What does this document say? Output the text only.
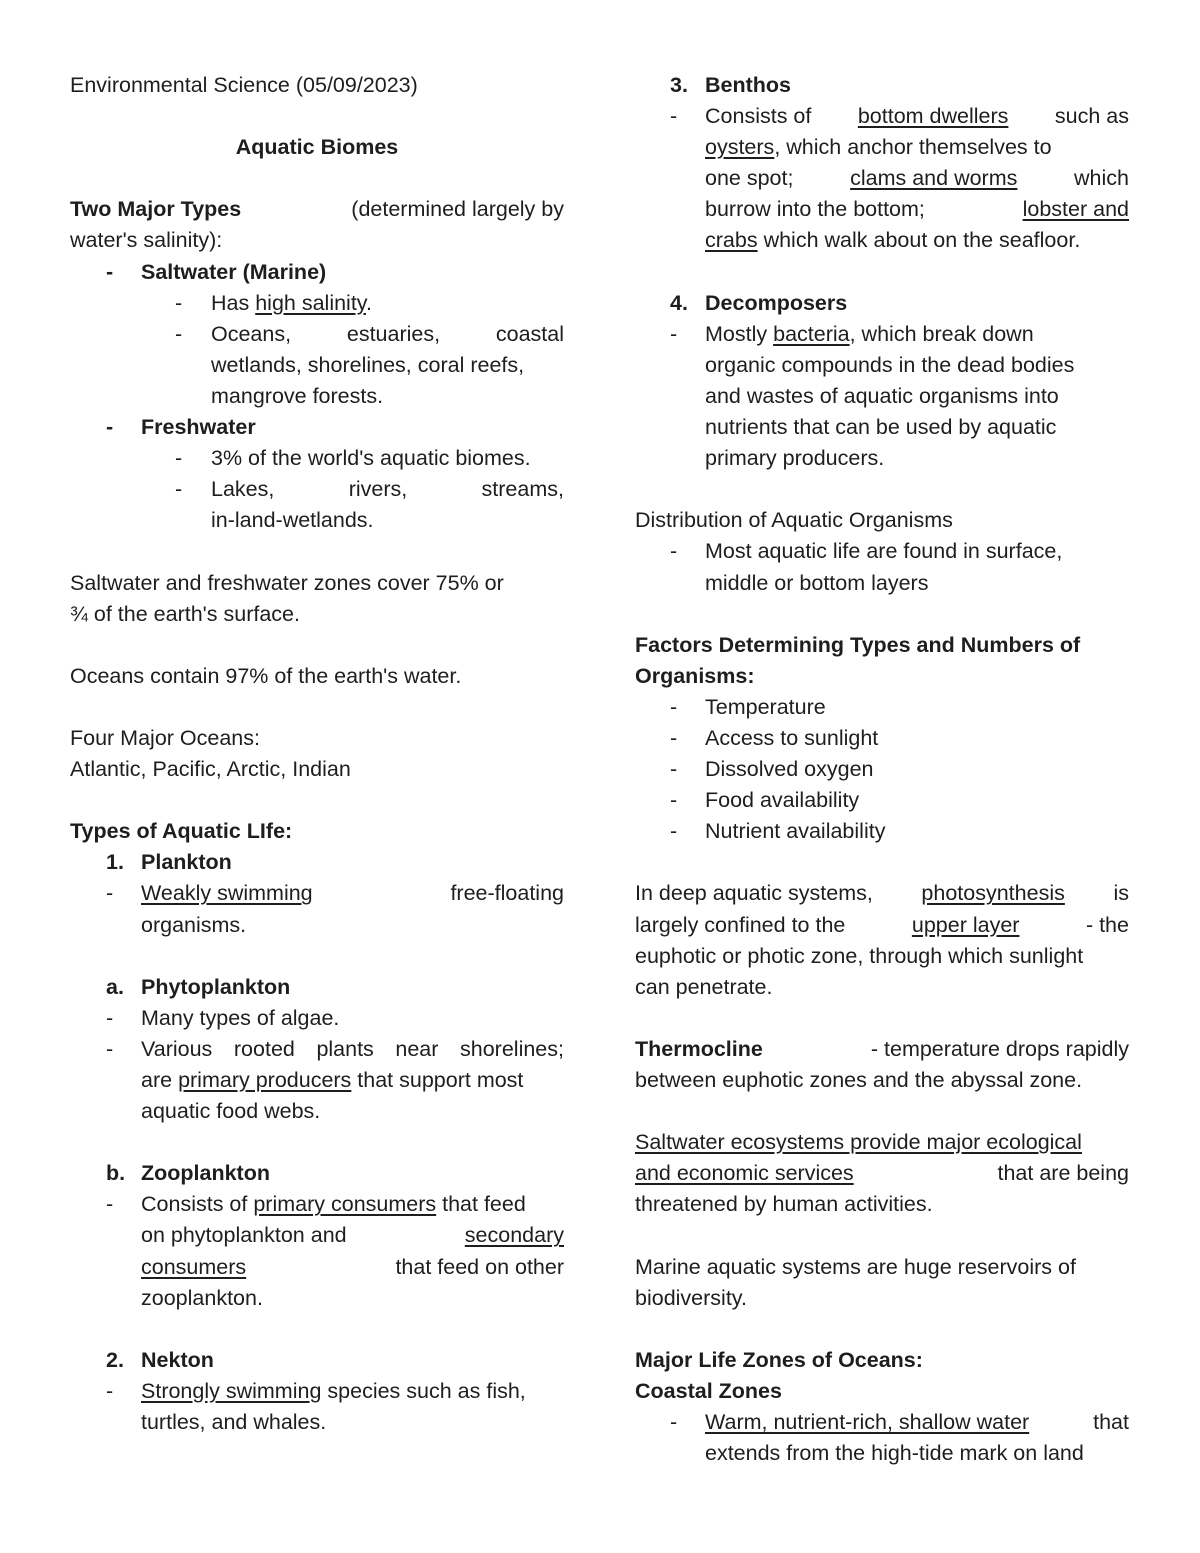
Environmental Science (05/09/2023)
Aquatic Biomes
Two Major Types	(determined largely by
water's salinity):
- Saltwater (Marine)
- Has high salinity.
- Oceans,	estuaries,	coastal
wetlands, shorelines, coral reefs,
mangrove forests.
- Freshwater
- 3% of the world's aquatic biomes.
- Lakes,	rivers,	streams,
in-land-wetlands.
Saltwater and freshwater zones cover 75% or
¾ of the earth's surface.
Oceans contain 97% of the earth's water.
Four Major Oceans:
Atlantic, Pacific, Arctic, Indian
Types of Aquatic LIfe:
1. Plankton
- Weakly swimming	free-floating
organisms.
a. Phytoplankton
- Many types of algae.
- Various rooted plants near shorelines;
are primary producers that support most
aquatic food webs.
b. Zooplankton
- Consists of primary consumers that feed
on phytoplankton and	secondary
consumers	that feed on other
zooplankton.
2. Nekton
- Strongly swimming species such as fish,
turtles, and whales.
3. Benthos
- Consists of bottom dwellers such as
oysters, which anchor themselves to
one spot;	clams and worms	which
burrow into the bottom;	lobster and
crabs which walk about on the seafloor.
4. Decomposers
- Mostly bacteria, which break down
organic compounds in the dead bodies
and wastes of aquatic organisms into
nutrients that can be used by aquatic
primary producers.
Distribution of Aquatic Organisms
- Most aquatic life are found in surface,
middle or bottom layers
Factors Determining Types and Numbers of
Organisms:
- Temperature
- Access to sunlight
- Dissolved oxygen
- Food availability
- Nutrient availability
In deep aquatic systems, photosynthesis is
largely confined to the	upper layer	- the
euphotic or photic zone, through which sunlight
can penetrate.
Thermocline	- temperature drops rapidly
between euphotic zones and the abyssal zone.
Saltwater ecosystems provide major ecological
and economic services	that are being
threatened by human activities.
Marine aquatic systems are huge reservoirs of
biodiversity.
Major Life Zones of Oceans:
Coastal Zones
- Warm, nutrient-rich, shallow water	that
extends from the high-tide mark on land
